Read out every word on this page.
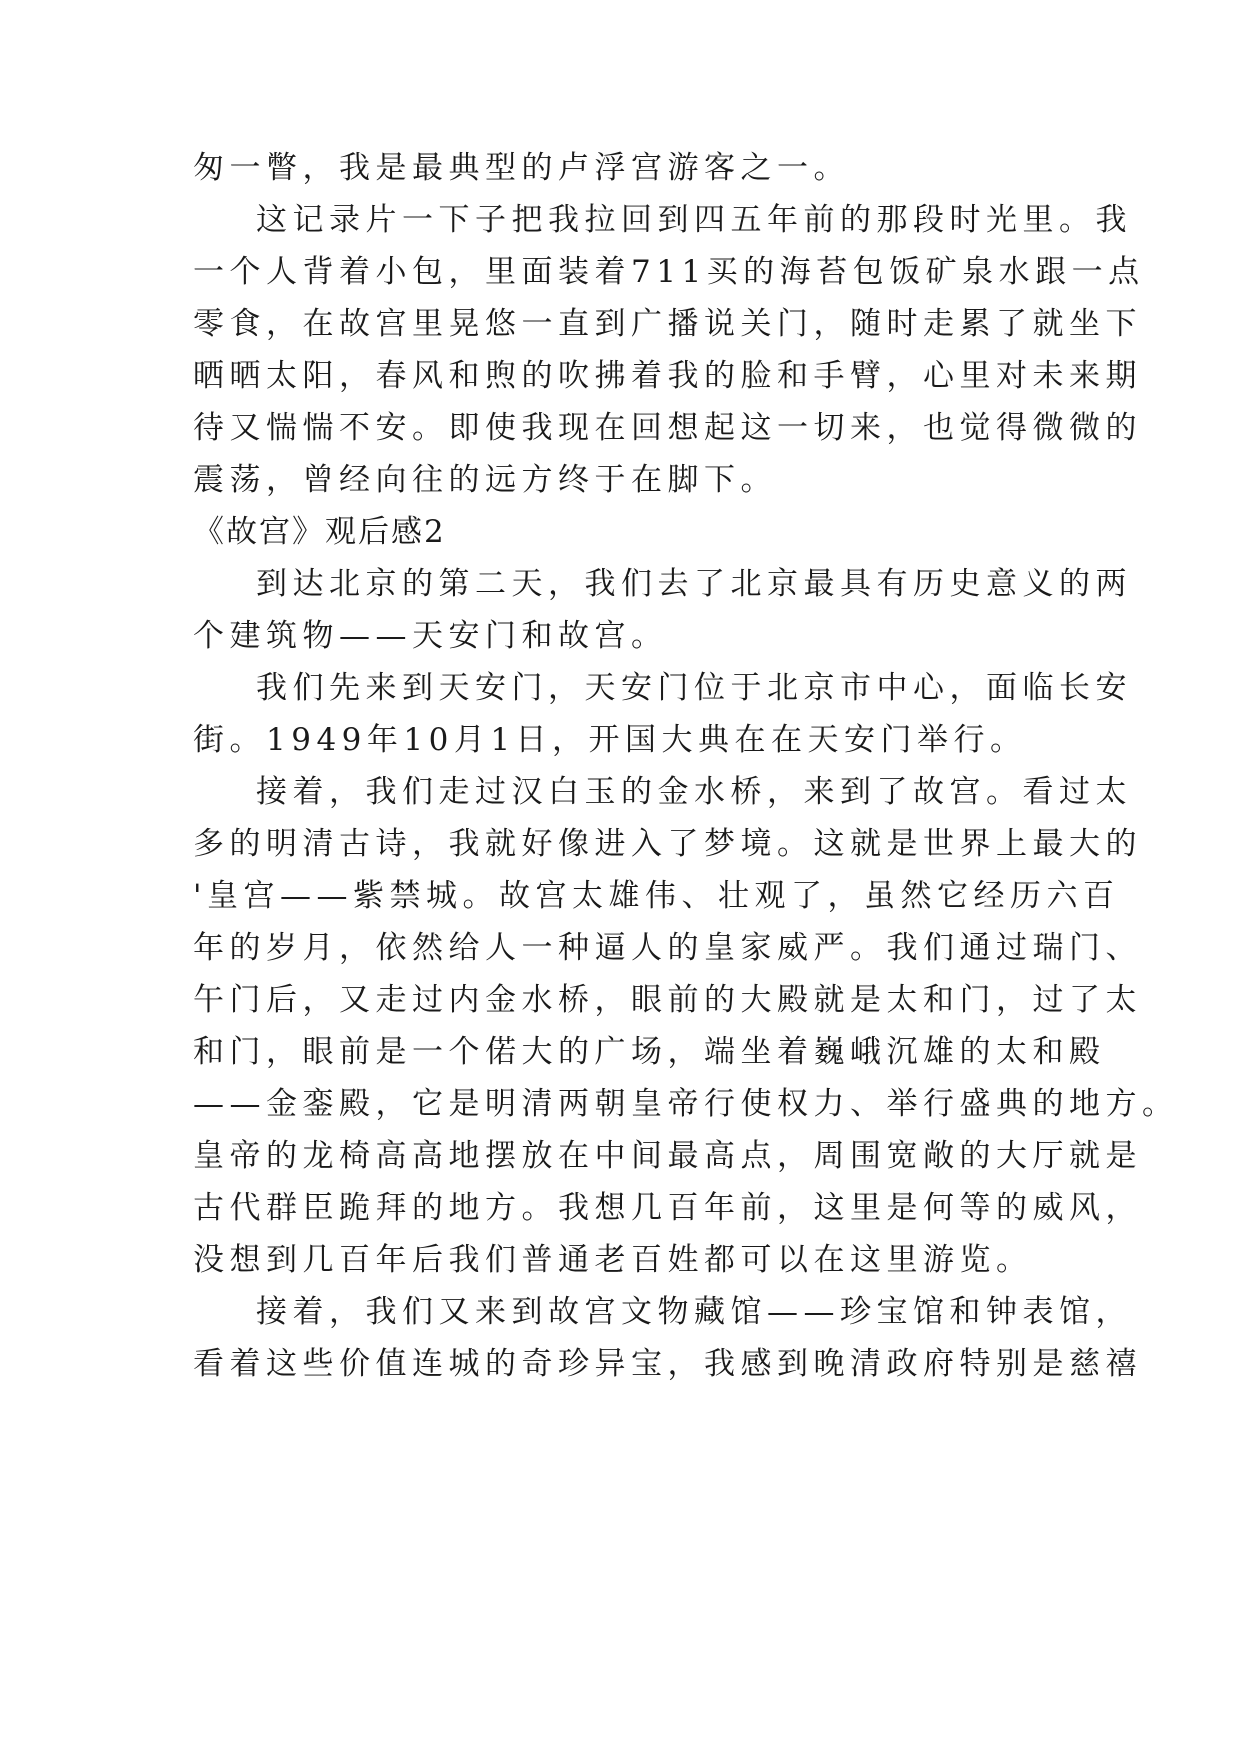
匆一瞥，我是最典型的卢浮宫游客之一。
这记录片一下子把我拉回到四五年前的那段时光里。我
一个人背着小包，里面装着711买的海苔包饭矿泉水跟一点
零食，在故宫里晃悠一直到广播说关门，随时走累了就坐下
晒晒太阳，春风和煦的吹拂着我的脸和手臂，心里对未来期
待又惴惴不安。即使我现在回想起这一切来，也觉得微微的
震荡，曾经向往的远方终于在脚下。
《故宫》观后感2
到达北京的第二天，我们去了北京最具有历史意义的两
个建筑物——天安门和故宫。
我们先来到天安门，天安门位于北京市中心，面临长安
街。1949年10月1日，开国大典在在天安门举行。
接着，我们走过汉白玉的金水桥，来到了故宫。看过太
多的明清古诗，我就好像进入了梦境。这就是世界上最大的
'皇宫——紫禁城。故宫太雄伟、壮观了，虽然它经历六百
年的岁月，依然给人一种逼人的皇家威严。我们通过瑞门、
午门后，又走过内金水桥，眼前的大殿就是太和门，过了太
和门，眼前是一个偌大的广场，端坐着巍峨沉雄的太和殿
——金銮殿，它是明清两朝皇帝行使权力、举行盛典的地方。
皇帝的龙椅高高地摆放在中间最高点，周围宽敞的大厅就是
古代群臣跪拜的地方。我想几百年前，这里是何等的威风，
没想到几百年后我们普通老百姓都可以在这里游览。
接着，我们又来到故宫文物藏馆——珍宝馆和钟表馆，
看着这些价值连城的奇珍异宝，我感到晚清政府特别是慈禧
